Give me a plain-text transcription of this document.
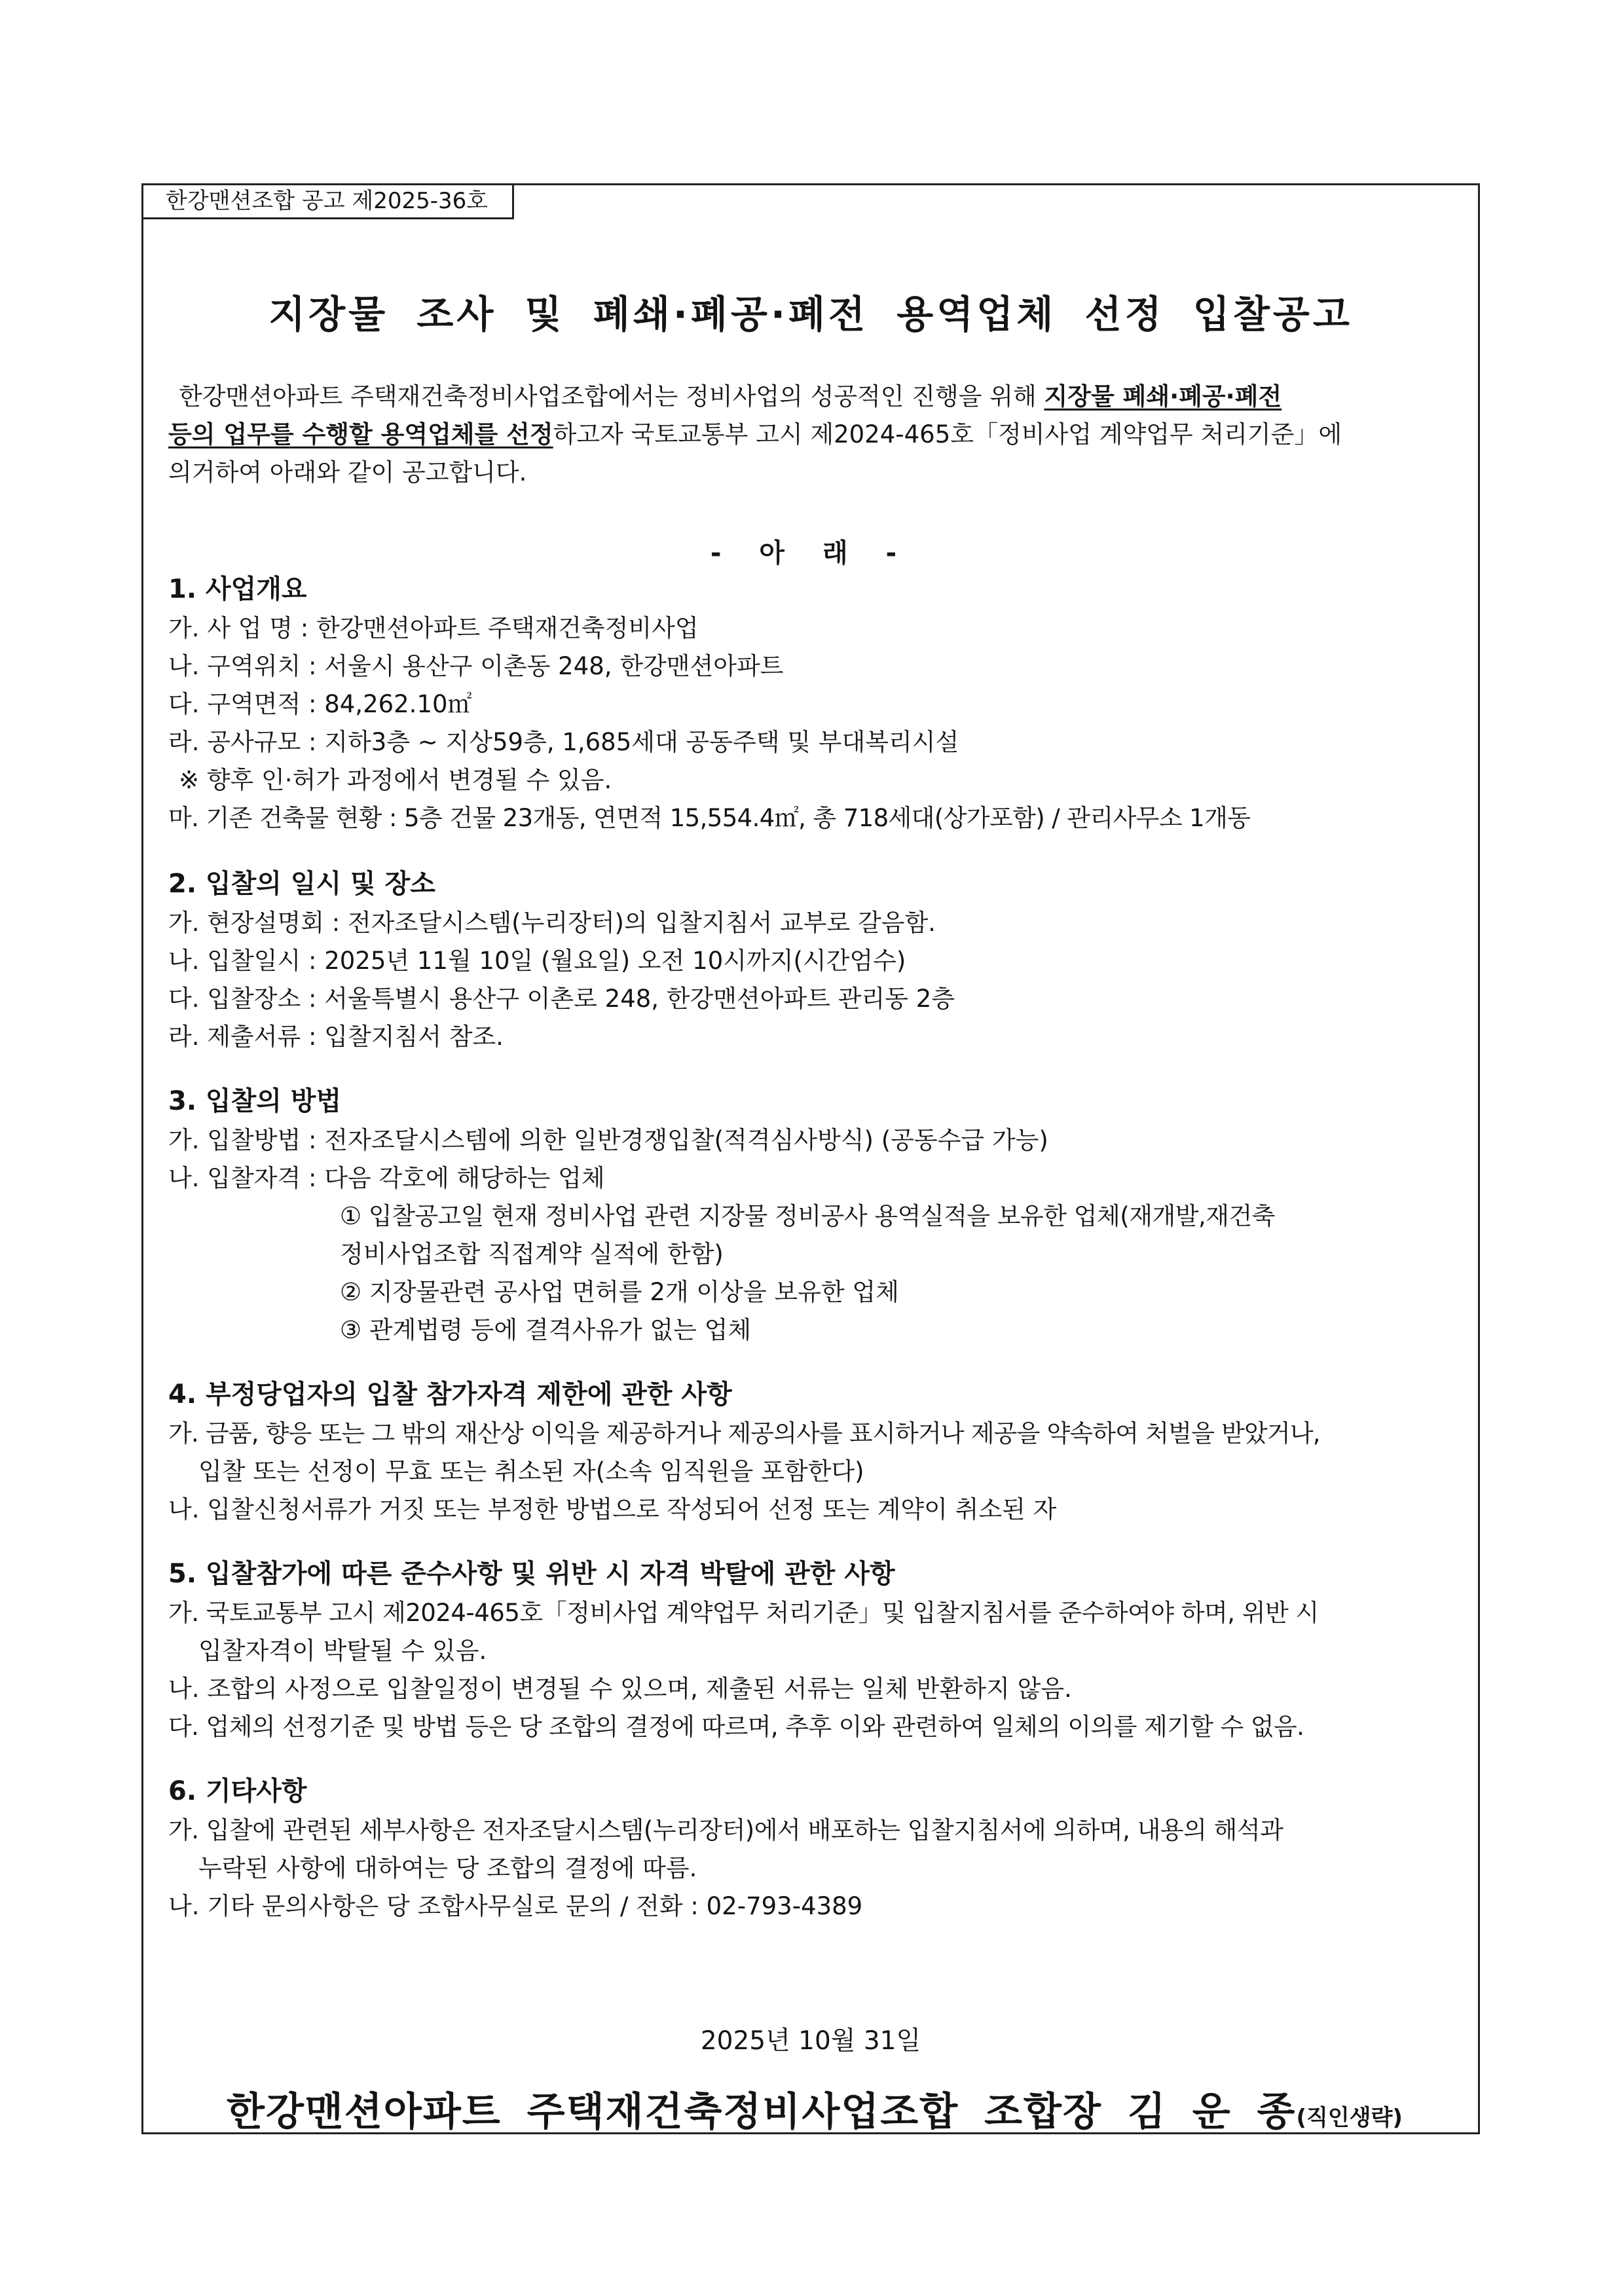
한강맨션조합 공고 제2025-36호
지장물 조사 및 폐쇄·폐공·폐전 용역업체 선정 입찰공고
한강맨션아파트 주택재건축정비사업조합에서는 정비사업의 성공적인 진행을 위해 지장물 폐쇄·폐공·폐전
등의 업무를 수행할 용역업체를 선정하고자 국토교통부 고시 제2024-465호「정비사업 계약업무 처리기준」에
의거하여 아래와 같이 공고합니다.
- 아 래 -
1. 사업개요
가. 사 업 명 : 한강맨션아파트 주택재건축정비사업
나. 구역위치 : 서울시 용산구 이촌동 248, 한강맨션아파트
다. 구역면적 : 84,262.10㎡
라. 공사규모 : 지하3층 ~ 지상59층, 1,685세대 공동주택 및 부대복리시설
※ 향후 인·허가 과정에서 변경될 수 있음.
마. 기존 건축물 현황 : 5층 건물 23개동, 연면적 15,554.4㎡, 총 718세대(상가포함) / 관리사무소 1개동
2. 입찰의 일시 및 장소
가. 현장설명회 : 전자조달시스템(누리장터)의 입찰지침서 교부로 갈음함.
나. 입찰일시 : 2025년 11월 10일 (월요일) 오전 10시까지(시간엄수)
다. 입찰장소 : 서울특별시 용산구 이촌로 248, 한강맨션아파트 관리동 2층
라. 제출서류 : 입찰지침서 참조.
3. 입찰의 방법
가. 입찰방법 : 전자조달시스템에 의한 일반경쟁입찰(적격심사방식) (공동수급 가능)
나. 입찰자격 : 다음 각호에 해당하는 업체
① 입찰공고일 현재 정비사업 관련 지장물 정비공사 용역실적을 보유한 업체(재개발,재건축
정비사업조합 직접계약 실적에 한함)
② 지장물관련 공사업 면허를 2개 이상을 보유한 업체
③ 관계법령 등에 결격사유가 없는 업체
4. 부정당업자의 입찰 참가자격 제한에 관한 사항
가. 금품, 향응 또는 그 밖의 재산상 이익을 제공하거나 제공의사를 표시하거나 제공을 약속하여 처벌을 받았거나,
입찰 또는 선정이 무효 또는 취소된 자(소속 임직원을 포함한다)
나. 입찰신청서류가 거짓 또는 부정한 방법으로 작성되어 선정 또는 계약이 취소된 자
5. 입찰참가에 따른 준수사항 및 위반 시 자격 박탈에 관한 사항
가. 국토교통부 고시 제2024-465호「정비사업 계약업무 처리기준」및 입찰지침서를 준수하여야 하며, 위반 시
입찰자격이 박탈될 수 있음.
나. 조합의 사정으로 입찰일정이 변경될 수 있으며, 제출된 서류는 일체 반환하지 않음.
다. 업체의 선정기준 및 방법 등은 당 조합의 결정에 따르며, 추후 이와 관련하여 일체의 이의를 제기할 수 없음.
6. 기타사항
가. 입찰에 관련된 세부사항은 전자조달시스템(누리장터)에서 배포하는 입찰지침서에 의하며, 내용의 해석과
누락된 사항에 대하여는 당 조합의 결정에 따름.
나. 기타 문의사항은 당 조합사무실로 문의 / 전화 : 02-793-4389
2025년 10월 31일
한강맨션아파트 주택재건축정비사업조합 조합장 김 운 종(직인생략)
